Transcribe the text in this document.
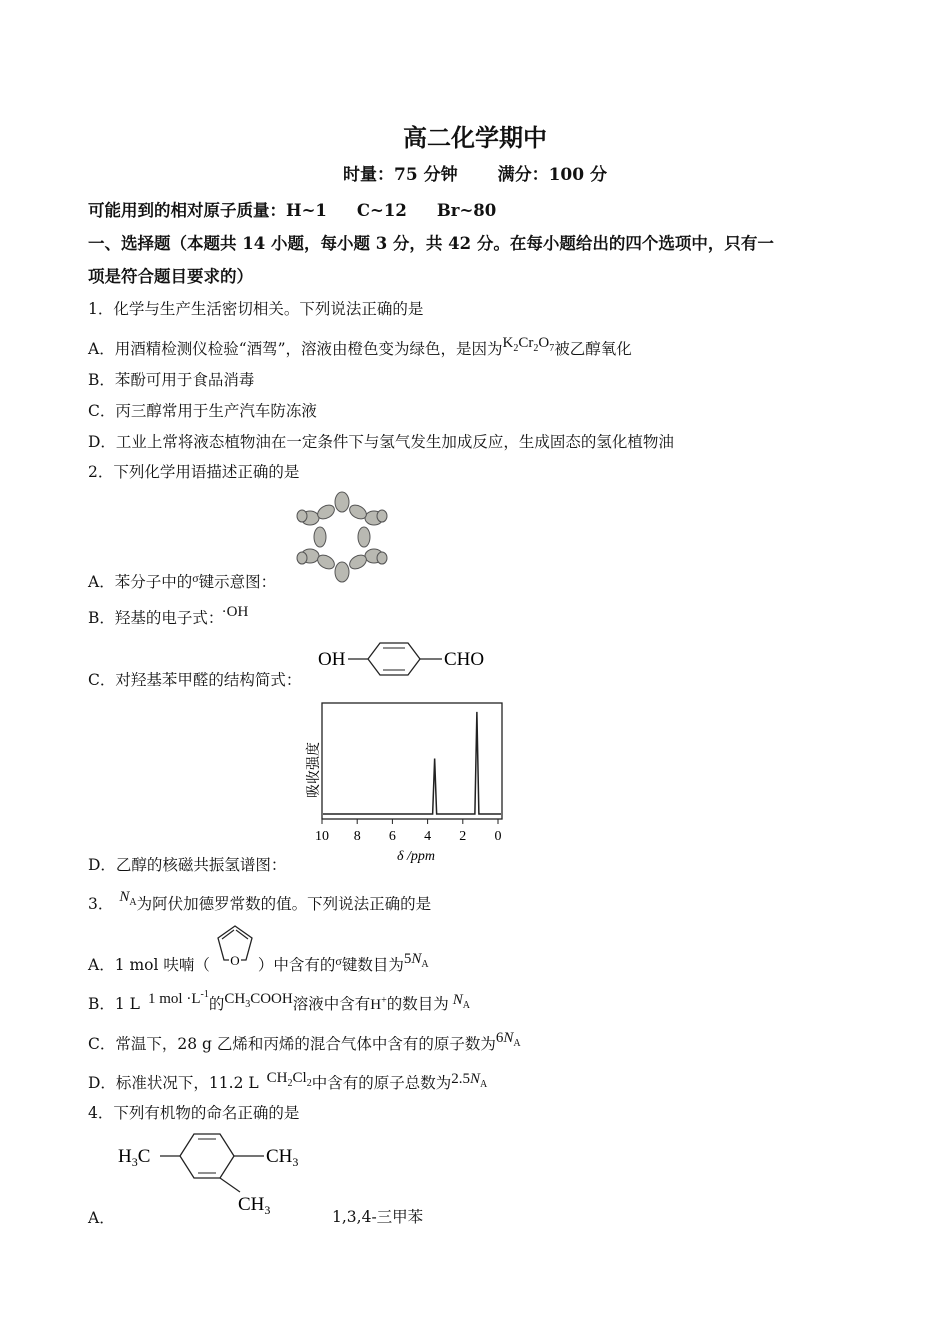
高二化学期中
时量：75 分钟 满分：100 分
可能用到的相对原子质量：H~1 C~12 Br~80
一、选择题（本题共 14 小题，每小题 3 分，共 42 分。在每小题给出的四个选项中，只有一
项是符合题目要求的）
1．化学与生产生活密切相关。下列说法正确的是
A．用酒精检测仪检验“酒驾”，溶液由橙色变为绿色，是因为$K_2Cr_2O_7$被乙醇氧化
B．苯酚可用于食品消毒
C．丙三醇常用于生产汽车防冻液
D．工业上常将液态植物油在一定条件下与氢气发生加成反应，生成固态的氢化植物油
2．下列化学用语描述正确的是
A．苯分子中的$^\sigma$键示意图：
B．羟基的电子式： ·OH
OH	CHO
C．对羟基苯甲醛的结构简式：
吸收强度
10 8 6 4 2 0
δ /ppm
D．乙醇的核磁共振氢谱图：
3． $N_A$为阿伏加德罗常数的值。下列说法正确的是
O
A．1 mol 呋喃（	）中含有的$^\sigma$键数目为$5N_A$
B．1 L 1 mol $\cdot L^{-1}$的$CH_3COOH$溶液中含有H+的数目为 $N_A$
C．常温下，28 g 乙烯和丙烯的混合气体中含有的原子数为$6N_A$
D．标准状况下，11.2 L $CH_2Cl_2$中含有的原子总数为$2.5N_A$
4．下列有机物的命名正确的是
$H_3C$	$CH_3$
$CH_3$
A．	1,3,4-三甲苯
